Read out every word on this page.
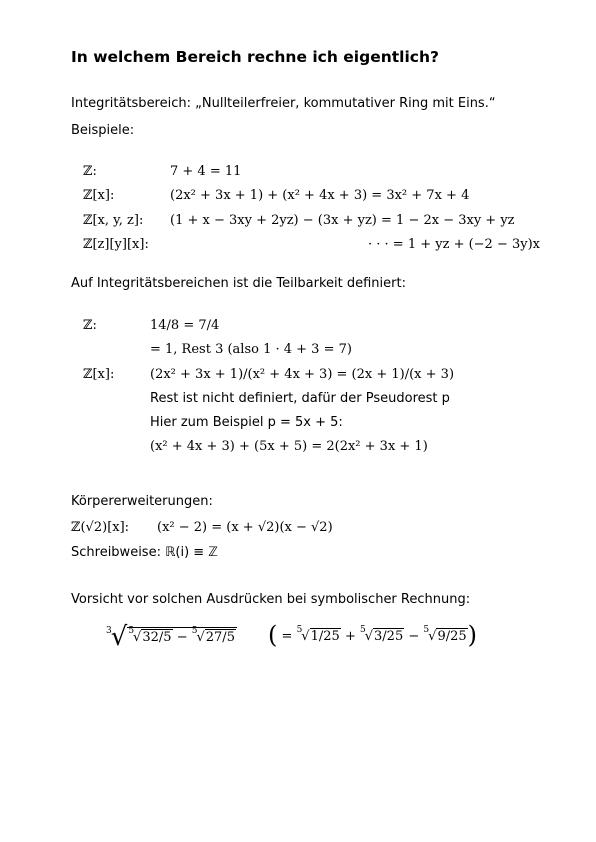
In welchem Bereich rechne ich eigentlich?
Integritätsbereich: „Nullteilerfreier, kommutativer Ring mit Eins.“
Beispiele:
ℤ:	7 + 4 = 11
ℤ[x]:	(2x² + 3x + 1) + (x² + 4x + 3) = 3x² + 7x + 4
ℤ[x, y, z]: (1 + x − 3xy + 2yz) − (3x + yz) = 1 − 2x − 3xy + yz
ℤ[z][y][x]:	· · · = 1 + yz + (−2 − 3y)x
Auf Integritätsbereichen ist die Teilbarkeit definiert:
ℤ:	14/8 = 7/4
= 1, Rest 3 (also 1 · 4 + 3 = 7)
ℤ[x]:	(2x² + 3x + 1)/(x² + 4x + 3) = (2x + 1)/(x + 3)
Rest ist nicht definiert, dafür der Pseudorest p
Hier zum Beispiel p = 5x + 5:
(x² + 4x + 3) + (5x + 5) = 2(2x² + 3x + 1)
Körpererweiterungen:
ℤ(√2)[x]: (x² − 2) = (x + √2)(x − √2)
Schreibweise: ℝ(i) ≡ ℤ
Vorsicht vor solchen Ausdrücken bei symbolischer Rechnung:
$^3$√$^5$√32/5 − $^5$√27/5 ( = $^5$√1/25 + $^5$√3/25 − $^5$√9/25)
